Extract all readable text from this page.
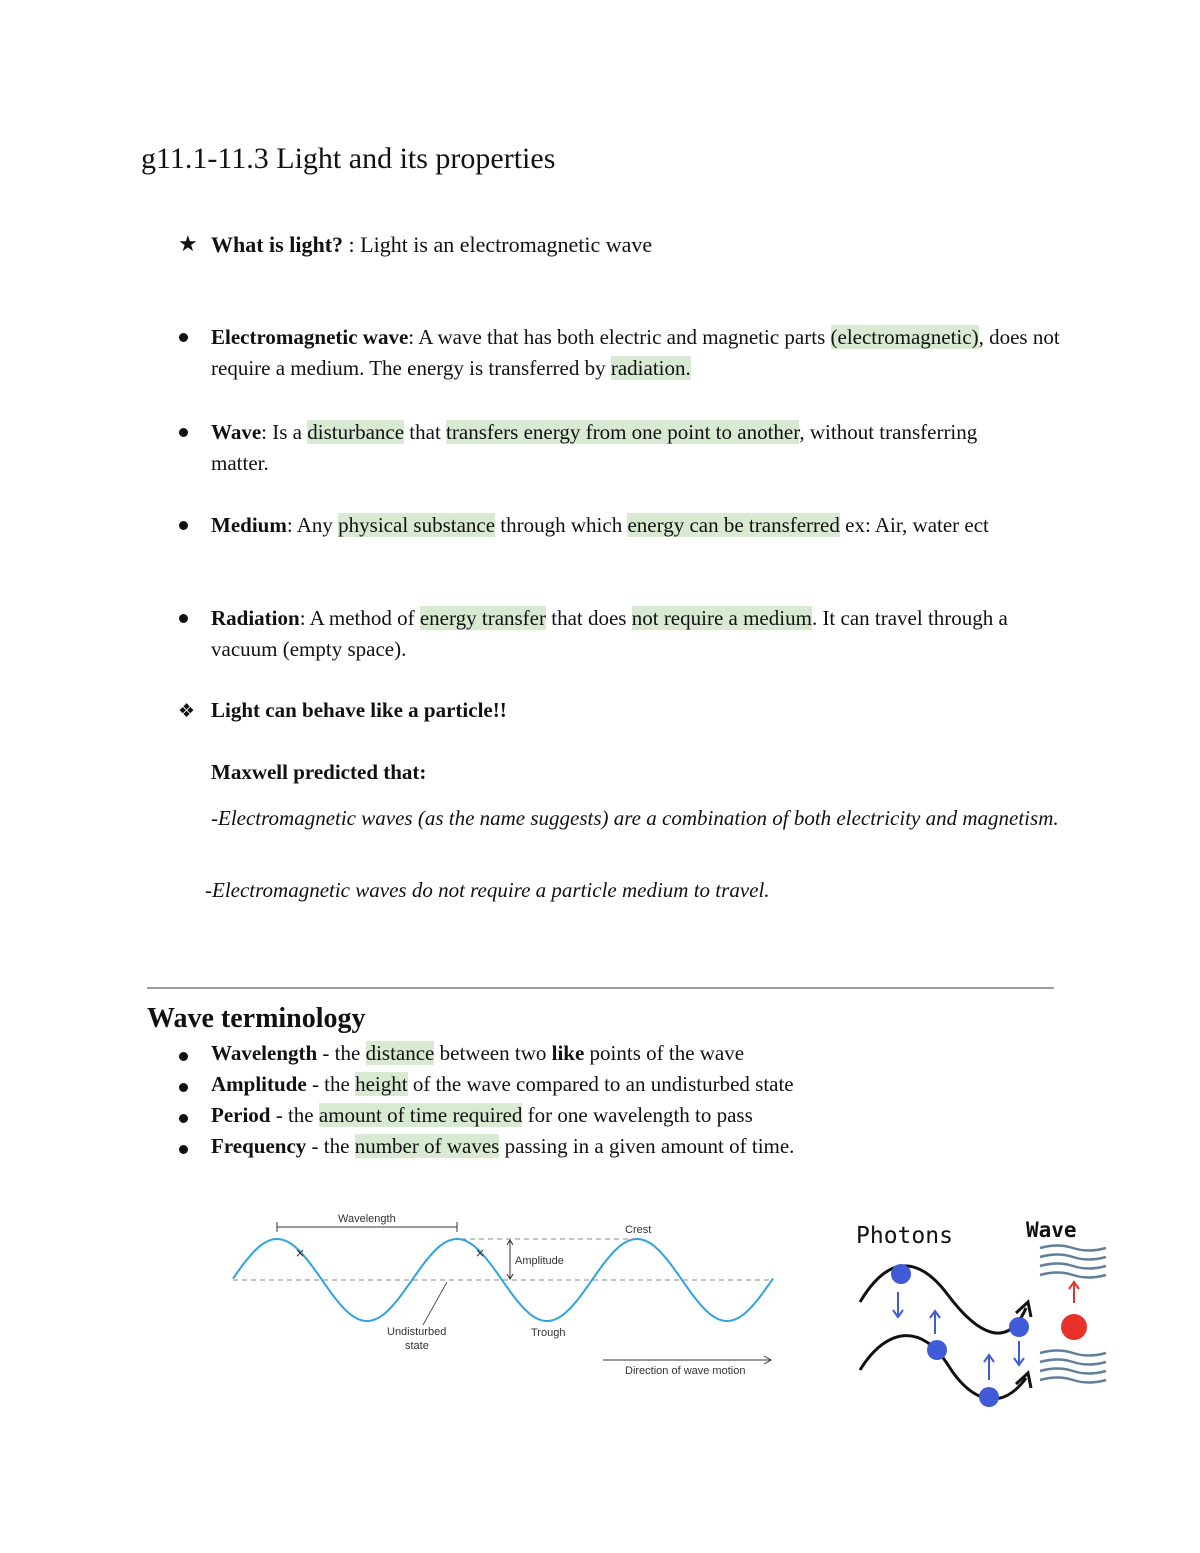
g11.1-11.3 Light and its properties
★ What is light? : Light is an electromagnetic wave
Electromagnetic wave: A wave that has both electric and magnetic parts (electromagnetic), does not require a medium. The energy is transferred by radiation.
Wave: Is a disturbance that transfers energy from one point to another, without transferring matter.
Medium: Any physical substance through which energy can be transferred ex: Air, water ect
Radiation: A method of energy transfer that does not require a medium. It can travel through a vacuum (empty space).
❖ Light can behave like a particle!!
Maxwell predicted that:
-Electromagnetic waves (as the name suggests) are a combination of both electricity and magnetism.
-Electromagnetic waves do not require a particle medium to travel.
Wave terminology
Wavelength - the distance between two like points of the wave
Amplitude - the height of the wave compared to an undisturbed state
Period - the amount of time required for one wavelength to pass
Frequency - the number of waves passing in a given amount of time.
Wavelength
×	×
Crest
Amplitude
Undisturbed
state
Trough
Direction of wave motion
Photons	Wave
